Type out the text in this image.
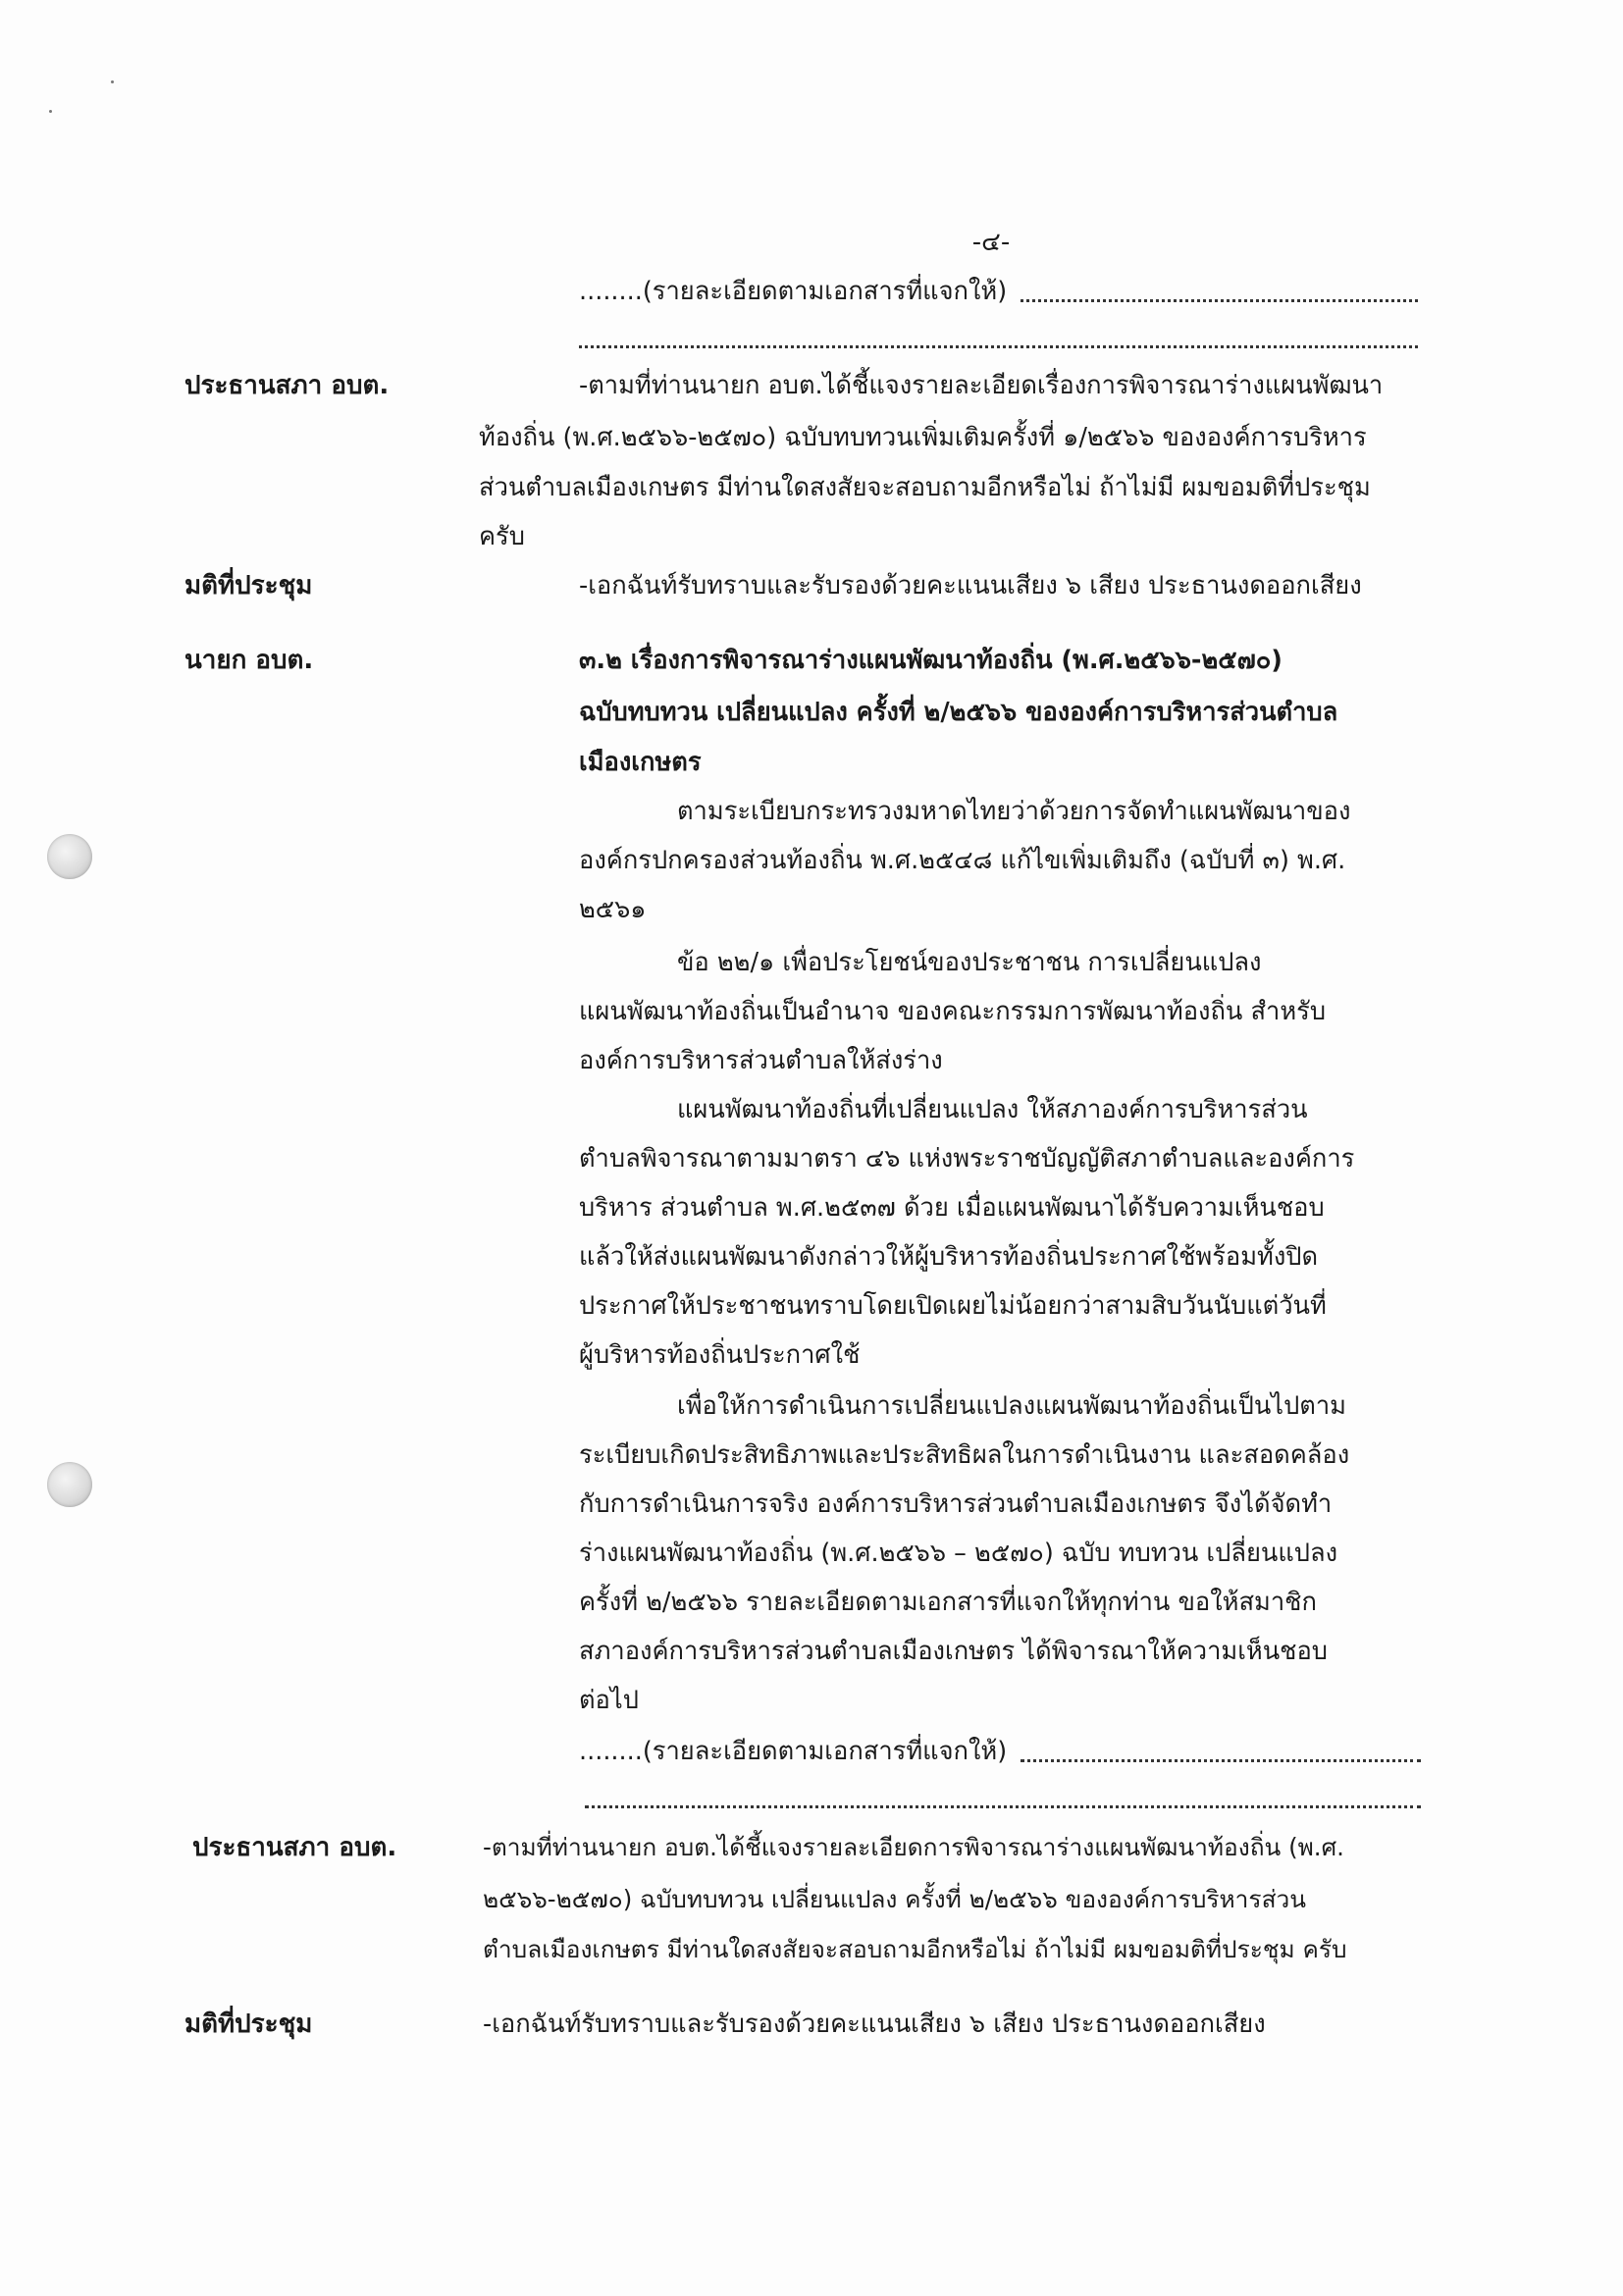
-๔-
........(รายละเอียดตามเอกสารที่แจกให้)
ประธานสภา อบต.	-ตามที่ท่านนายก อบต.ได้ชี้แจงรายละเอียดเรื่องการพิจารณาร่างแผนพัฒนา
ท้องถิ่น (พ.ศ.๒๕๖๖-๒๕๗๐) ฉบับทบทวนเพิ่มเติมครั้งที่ ๑/๒๕๖๖ ขององค์การบริหาร
ส่วนตำบลเมืองเกษตร มีท่านใดสงสัยจะสอบถามอีกหรือไม่ ถ้าไม่มี ผมขอมติที่ประชุม
ครับ
มติที่ประชุม	-เอกฉันท์รับทราบและรับรองด้วยคะแนนเสียง ๖ เสียง ประธานงดออกเสียง
นายก อบต.	๓.๒ เรื่องการพิจารณาร่างแผนพัฒนาท้องถิ่น (พ.ศ.๒๕๖๖-๒๕๗๐)
ฉบับทบทวน เปลี่ยนแปลง ครั้งที่ ๒/๒๕๖๖ ขององค์การบริหารส่วนตำบล
เมืองเกษตร
ตามระเบียบกระทรวงมหาดไทยว่าด้วยการจัดทำแผนพัฒนาของ
องค์กรปกครองส่วนท้องถิ่น พ.ศ.๒๕๔๘ แก้ไขเพิ่มเติมถึง (ฉบับที่ ๓) พ.ศ.
๒๕๖๑
ข้อ ๒๒/๑ เพื่อประโยชน์ของประชาชน การเปลี่ยนแปลง
แผนพัฒนาท้องถิ่นเป็นอำนาจ ของคณะกรรมการพัฒนาท้องถิ่น สำหรับ
องค์การบริหารส่วนตำบลให้ส่งร่าง
แผนพัฒนาท้องถิ่นที่เปลี่ยนแปลง ให้สภาองค์การบริหารส่วน
ตำบลพิจารณาตามมาตรา ๔๖ แห่งพระราชบัญญัติสภาตำบลและองค์การ
บริหาร ส่วนตำบล พ.ศ.๒๕๓๗ ด้วย เมื่อแผนพัฒนาได้รับความเห็นชอบ
แล้วให้ส่งแผนพัฒนาดังกล่าวให้ผู้บริหารท้องถิ่นประกาศใช้พร้อมทั้งปิด
ประกาศให้ประชาชนทราบโดยเปิดเผยไม่น้อยกว่าสามสิบวันนับแต่วันที่
ผู้บริหารท้องถิ่นประกาศใช้
เพื่อให้การดำเนินการเปลี่ยนแปลงแผนพัฒนาท้องถิ่นเป็นไปตาม
ระเบียบเกิดประสิทธิภาพและประสิทธิผลในการดำเนินงาน และสอดคล้อง
กับการดำเนินการจริง องค์การบริหารส่วนตำบลเมืองเกษตร จึงได้จัดทำ
ร่างแผนพัฒนาท้องถิ่น (พ.ศ.๒๕๖๖ – ๒๕๗๐) ฉบับ ทบทวน เปลี่ยนแปลง
ครั้งที่ ๒/๒๕๖๖ รายละเอียดตามเอกสารที่แจกให้ทุกท่าน ขอให้สมาชิก
สภาองค์การบริหารส่วนตำบลเมืองเกษตร ได้พิจารณาให้ความเห็นชอบ
ต่อไป
........(รายละเอียดตามเอกสารที่แจกให้)
ประธานสภา อบต.	-ตามที่ท่านนายก อบต.ได้ชี้แจงรายละเอียดการพิจารณาร่างแผนพัฒนาท้องถิ่น (พ.ศ.
๒๕๖๖-๒๕๗๐) ฉบับทบทวน เปลี่ยนแปลง ครั้งที่ ๒/๒๕๖๖ ขององค์การบริหารส่วน
ตำบลเมืองเกษตร มีท่านใดสงสัยจะสอบถามอีกหรือไม่ ถ้าไม่มี ผมขอมติที่ประชุม ครับ
มติที่ประชุม	-เอกฉันท์รับทราบและรับรองด้วยคะแนนเสียง ๖ เสียง ประธานงดออกเสียง
